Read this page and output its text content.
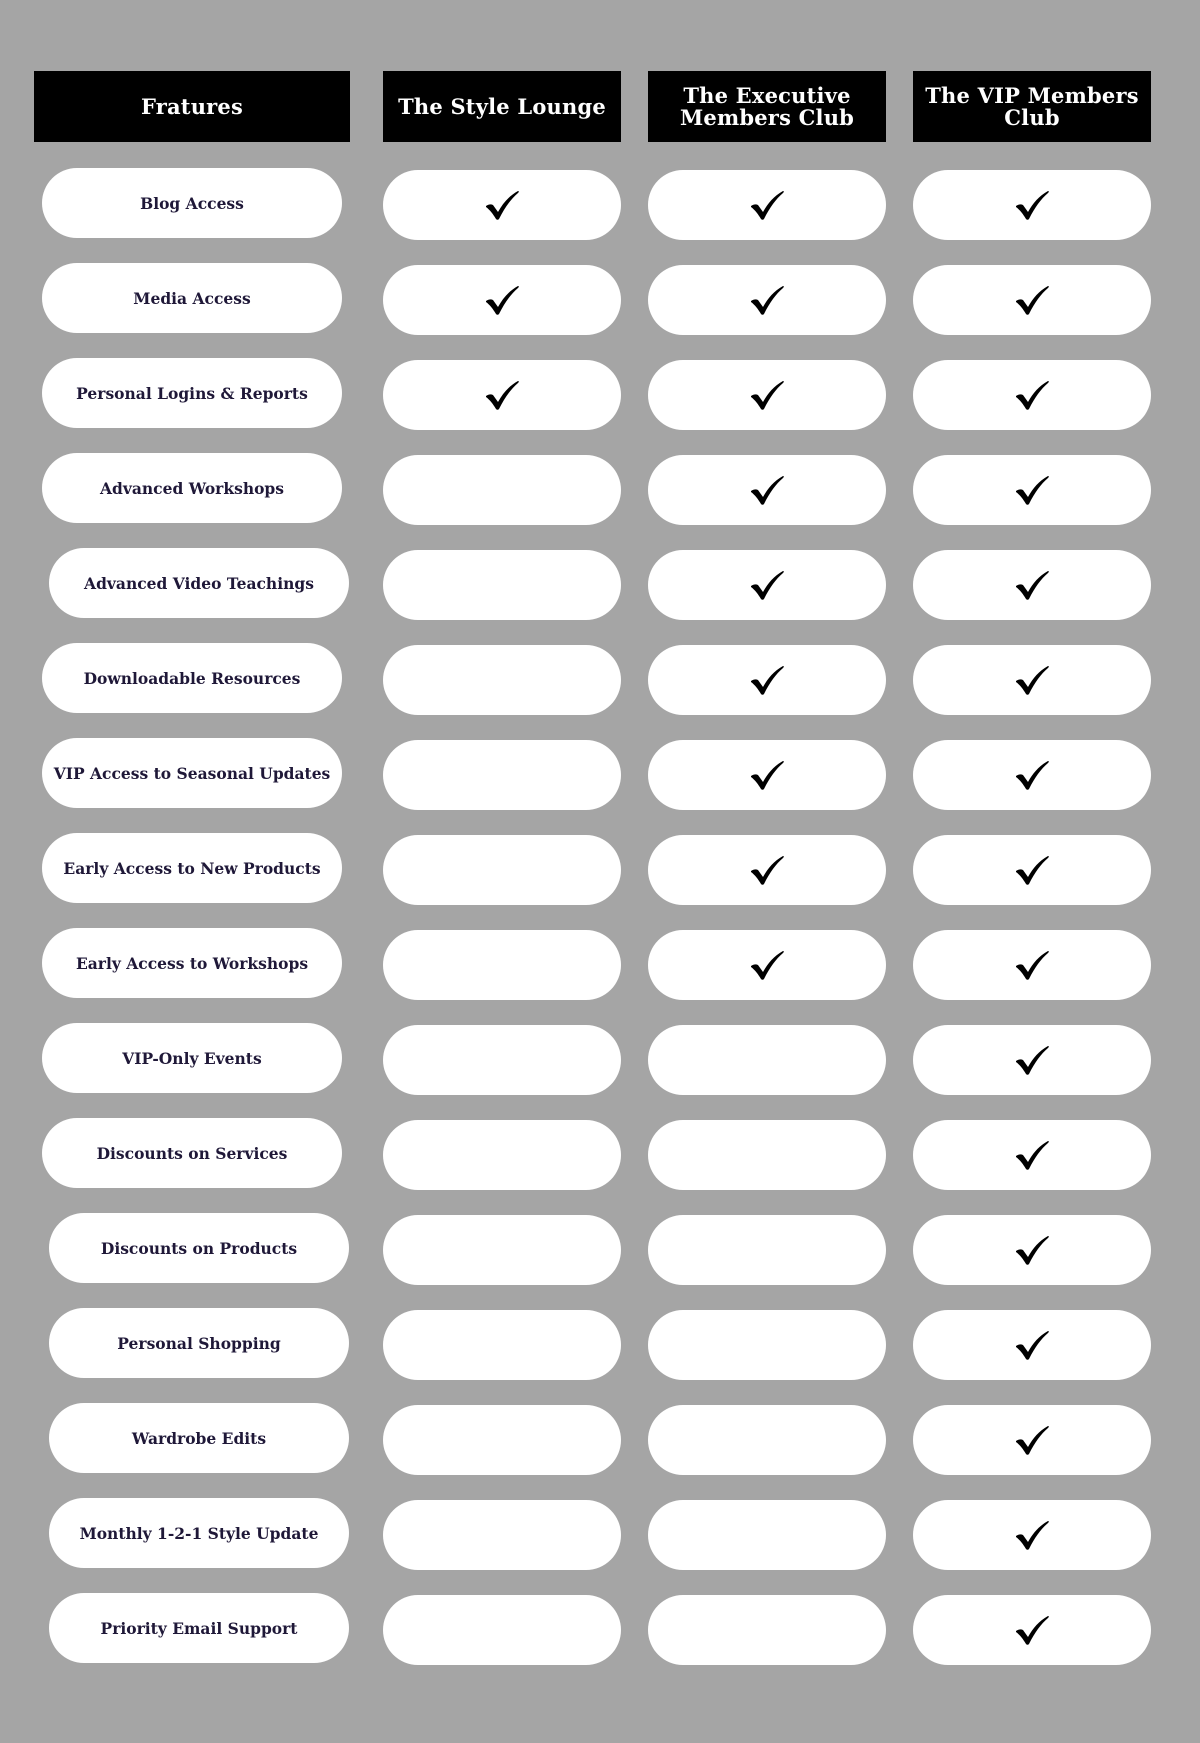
Fratures	The Style Lounge	The Executive Members Club
The VIP Members Club
Blog Access
Media Access
Personal Logins & Reports
Advanced Workshops
Advanced Video Teachings
Downloadable Resources
VIP Access to Seasonal Updates
Early Access to New Products
Early Access to Workshops
VIP-Only Events
Discounts on Services
Discounts on Products
Personal Shopping
Wardrobe Edits
Monthly 1-2-1 Style Update
Priority Email Support
